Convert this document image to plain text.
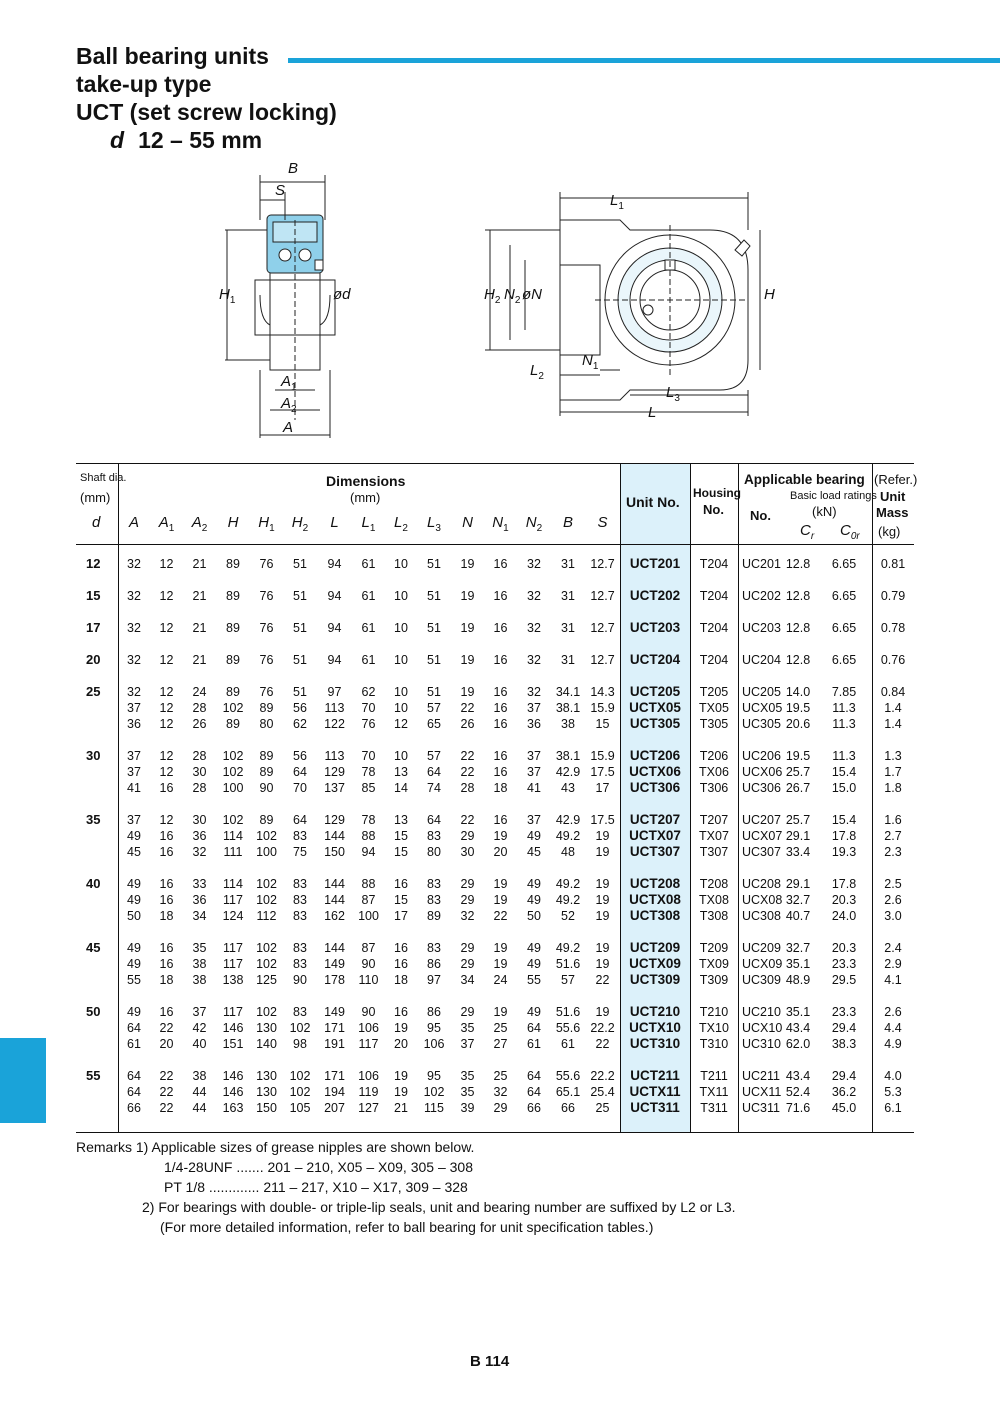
Ball bearing units
take-up type
UCT (set screw locking)
d 12 – 55 mm
B
S
$H_1$	ød
$A_1$
$A_2$
A
$L_1$
$H_2$ $N_2$ øN	H
$N_1$
$L_2$
$L_3$
L
Shaft dia.
(mm)
d
Dimensions
(mm)
A	$A_1$	$A_2$	H	$H_1$	$H_2$	L	$L_1$	$L_2$	$L_3$	N	$N_1$	$N_2$	B	S
Unit No.
Housing
No.
Applicable bearing (Refer.)
Basic load ratings
(kN)
No.
$C_r$ $C_{0r}$
Unit
Mass
(kg)
12	32	12	21	89	76	51	94	61	10	51	19	16	32	31	12.7	UCT201	T204	UC201	12.8	6.65	0.81
15	32	12	21	89	76	51	94	61	10	51	19	16	32	31	12.7	UCT202	T204	UC202	12.8	6.65	0.79
17	32	12	21	89	76	51	94	61	10	51	19	16	32	31	12.7	UCT203	T204	UC203	12.8	6.65	0.78
20	32	12	21	89	76	51	94	61	10	51	19	16	32	31	12.7	UCT204	T204	UC204	12.8	6.65	0.76
25	32	12	24	89	76	51	97	62	10	51	19	16	32	34.1	14.3	UCT205	T205	UC205	14.0	7.85	0.84
	37	12	28	102	89	56	113	70	10	57	22	16	37	38.1	15.9	UCTX05	TX05	UCX05	19.5	11.3	1.4
	36	12	26	89	80	62	122	76	12	65	26	16	36	38	15	UCT305	T305	UC305	20.6	11.3	1.4
30	37	12	28	102	89	56	113	70	10	57	22	16	37	38.1	15.9	UCT206	T206	UC206	19.5	11.3	1.3
	37	12	30	102	89	64	129	78	13	64	22	16	37	42.9	17.5	UCTX06	TX06	UCX06	25.7	15.4	1.7
	41	16	28	100	90	70	137	85	14	74	28	18	41	43	17	UCT306	T306	UC306	26.7	15.0	1.8
35	37	12	30	102	89	64	129	78	13	64	22	16	37	42.9	17.5	UCT207	T207	UC207	25.7	15.4	1.6
	49	16	36	114	102	83	144	88	15	83	29	19	49	49.2	19	UCTX07	TX07	UCX07	29.1	17.8	2.7
	45	16	32	111	100	75	150	94	15	80	30	20	45	48	19	UCT307	T307	UC307	33.4	19.3	2.3
40	49	16	33	114	102	83	144	88	16	83	29	19	49	49.2	19	UCT208	T208	UC208	29.1	17.8	2.5
	49	16	36	117	102	83	144	87	15	83	29	19	49	49.2	19	UCTX08	TX08	UCX08	32.7	20.3	2.6
	50	18	34	124	112	83	162	100	17	89	32	22	50	52	19	UCT308	T308	UC308	40.7	24.0	3.0
45	49	16	35	117	102	83	144	87	16	83	29	19	49	49.2	19	UCT209	T209	UC209	32.7	20.3	2.4
	49	16	38	117	102	83	149	90	16	86	29	19	49	51.6	19	UCTX09	TX09	UCX09	35.1	23.3	2.9
	55	18	38	138	125	90	178	110	18	97	34	24	55	57	22	UCT309	T309	UC309	48.9	29.5	4.1
50	49	16	37	117	102	83	149	90	16	86	29	19	49	51.6	19	UCT210	T210	UC210	35.1	23.3	2.6
	64	22	42	146	130	102	171	106	19	95	35	25	64	55.6	22.2	UCTX10	TX10	UCX10	43.4	29.4	4.4
	61	20	40	151	140	98	191	117	20	106	37	27	61	61	22	UCT310	T310	UC310	62.0	38.3	4.9
55	64	22	38	146	130	102	171	106	19	95	35	25	64	55.6	22.2	UCT211	T211	UC211	43.4	29.4	4.0
	64	22	44	146	130	102	194	119	19	102	35	32	64	65.1	25.4	UCTX11	TX11	UCX11	52.4	36.2	5.3
	66	22	44	163	150	105	207	127	21	115	39	29	66	66	25	UCT311	T311	UC311	71.6	45.0	6.1
Remarks 1) Applicable sizes of grease nipples are shown below.
1/4-28UNF ....... 201 – 210, X05 – X09, 305 – 308
PT 1/8 ............. 211 – 217, X10 – X17, 309 – 328
2) For bearings with double- or triple-lip seals, unit and bearing number are suffixed by L2 or L3.
(For more detailed information, refer to ball bearing for unit specification tables.)
B 114
